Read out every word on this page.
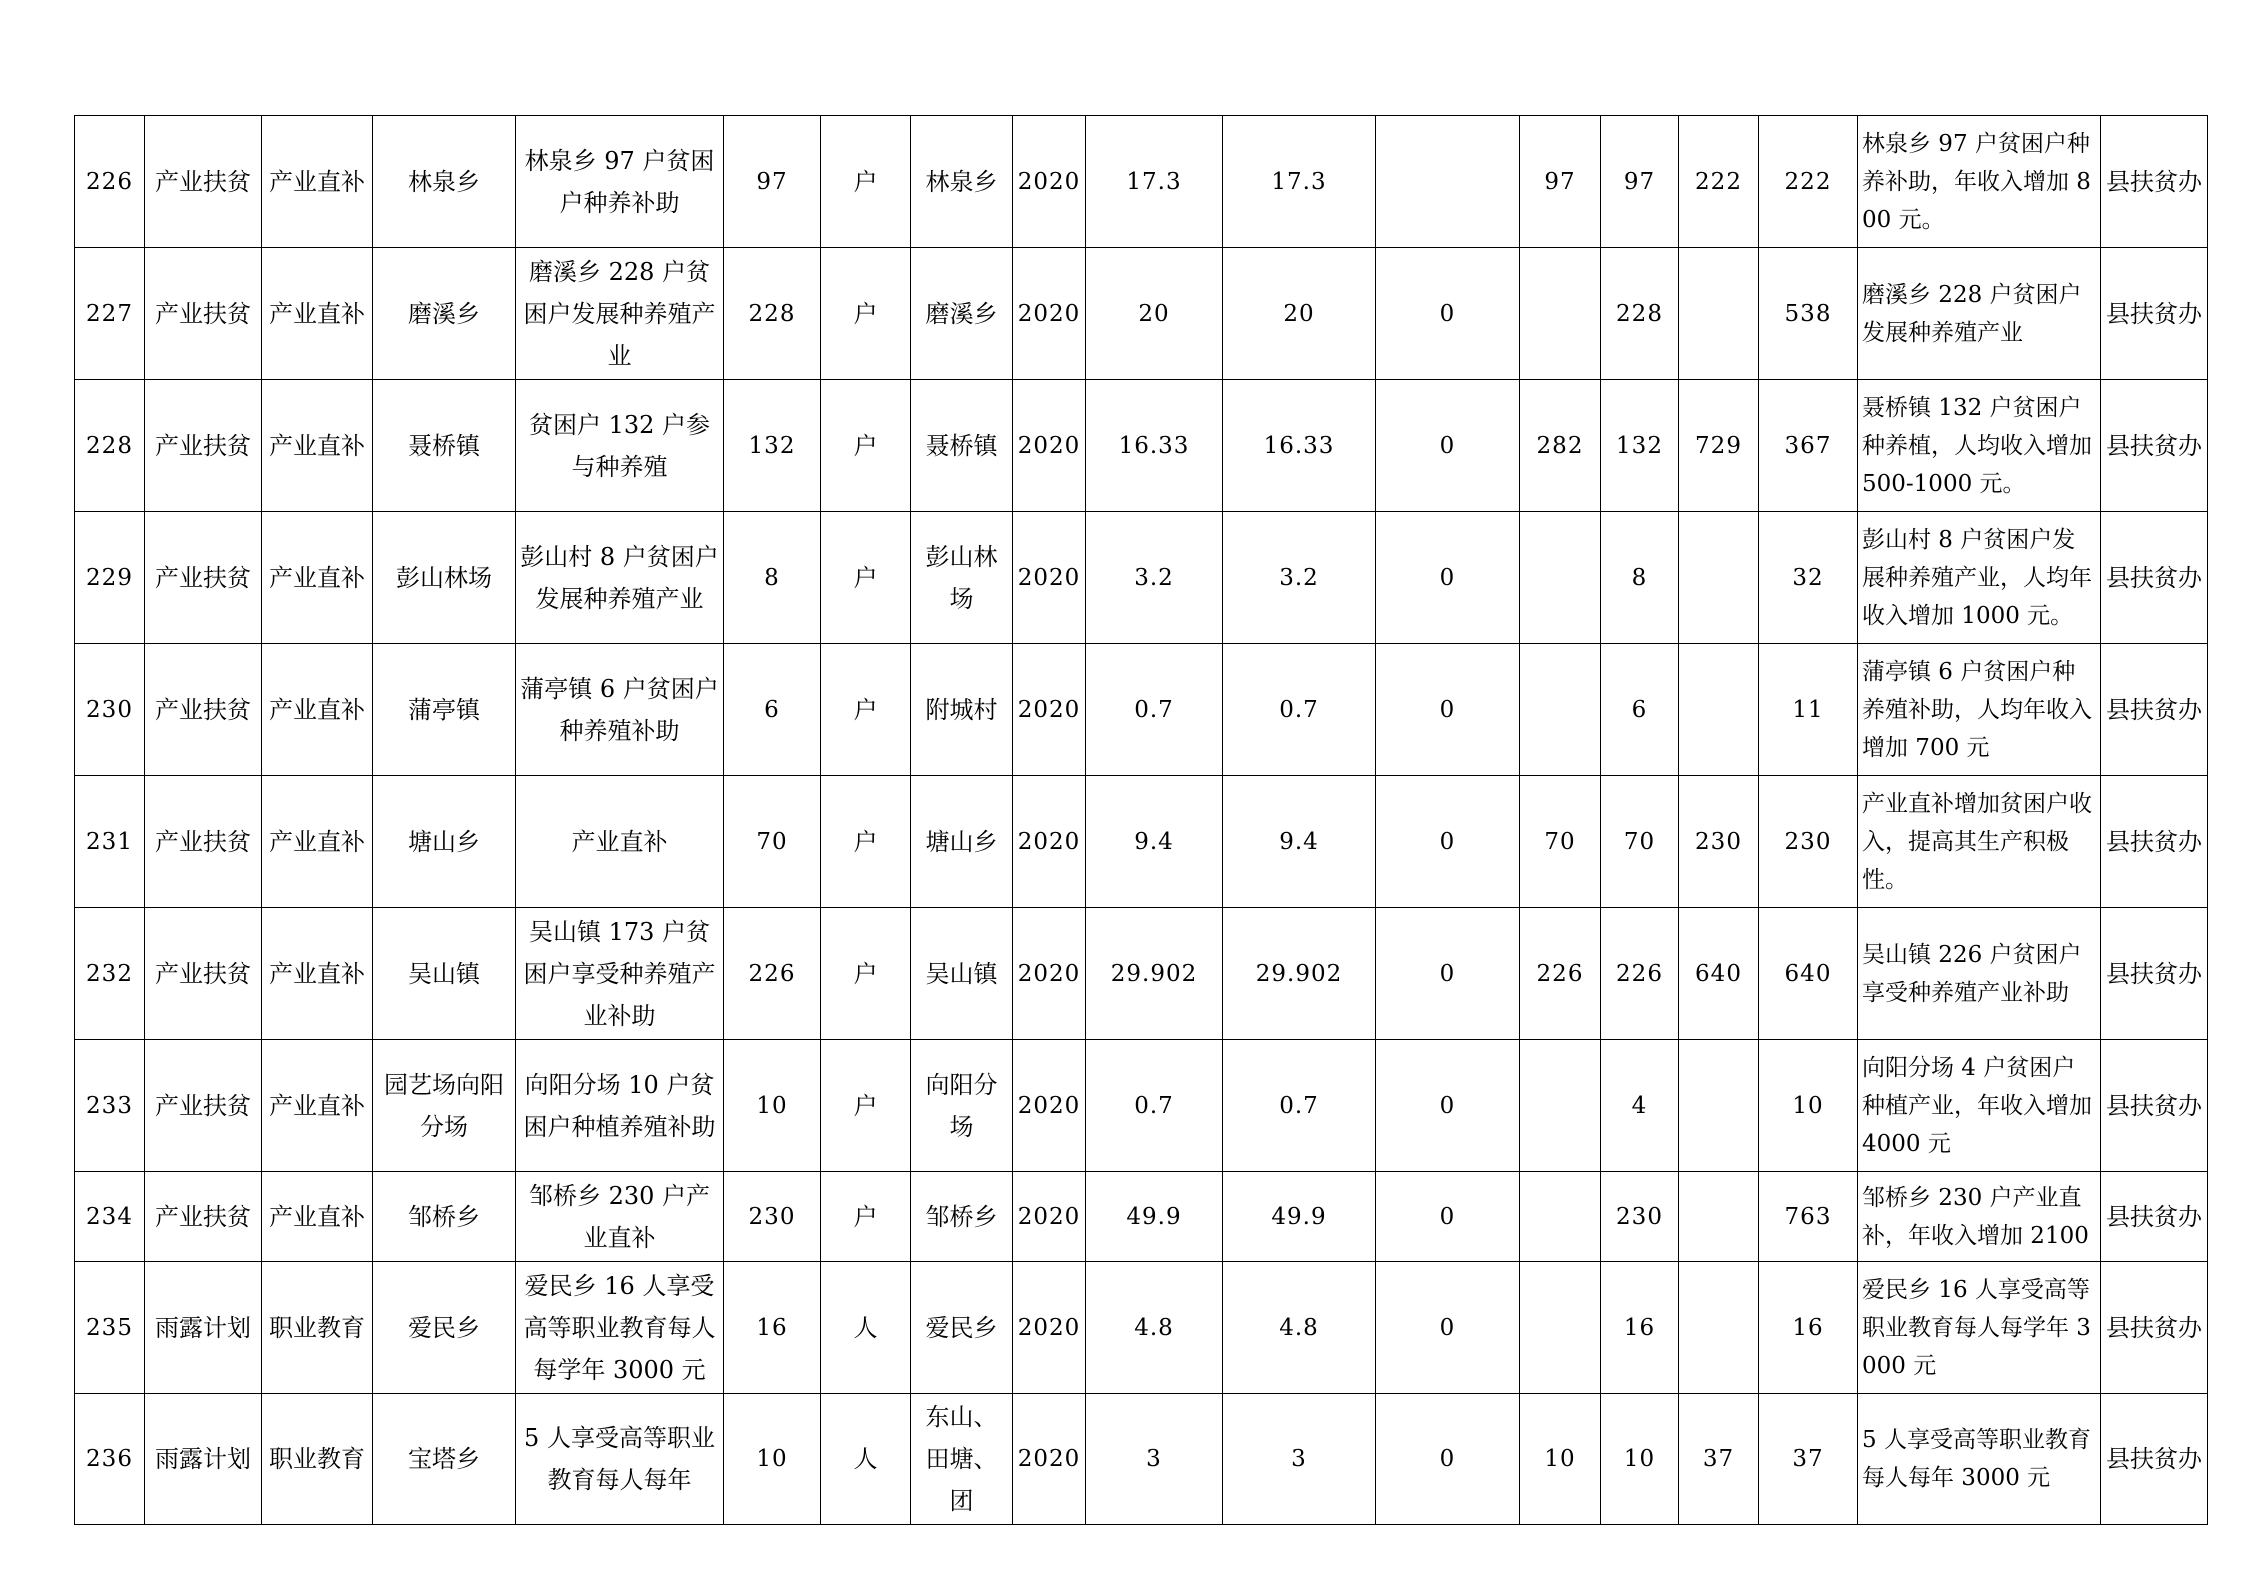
226	产业扶贫	产业直补	林泉乡	林泉乡 97 户贫困户种养补助	97	户	林泉乡	2020	17.3	17.3		97	97	222	222	林泉乡 97 户贫困户种养补助，年收入增加 800 元。	县扶贫办
227	产业扶贫	产业直补	磨溪乡	磨溪乡 228 户贫困户发展种养殖产业	228	户	磨溪乡	2020	20	20	0		228		538	磨溪乡 228 户贫困户发展种养殖产业	县扶贫办
228	产业扶贫	产业直补	聂桥镇	贫困户 132 户参与种养殖	132	户	聂桥镇	2020	16.33	16.33	0	282	132	729	367	聂桥镇 132 户贫困户种养植，人均收入增加 500-1000 元。	县扶贫办
229	产业扶贫	产业直补	彭山林场	彭山村 8 户贫困户发展种养殖产业	8	户	彭山林场	2020	3.2	3.2	0		8		32	彭山村 8 户贫困户发展种养殖产业，人均年收入增加 1000 元。	县扶贫办
230	产业扶贫	产业直补	蒲亭镇	蒲亭镇 6 户贫困户种养殖补助	6	户	附城村	2020	0.7	0.7	0		6		11	蒲亭镇 6 户贫困户种养殖补助，人均年收入增加 700 元	县扶贫办
231	产业扶贫	产业直补	塘山乡	产业直补	70	户	塘山乡	2020	9.4	9.4	0	70	70	230	230	产业直补增加贫困户收入，提高其生产积极性。	县扶贫办
232	产业扶贫	产业直补	吴山镇	吴山镇 173 户贫困户享受种养殖产业补助	226	户	吴山镇	2020	29.902	29.902	0	226	226	640	640	吴山镇 226 户贫困户享受种养殖产业补助	县扶贫办
233	产业扶贫	产业直补	园艺场向阳分场	向阳分场 10 户贫困户种植养殖补助	10	户	向阳分场	2020	0.7	0.7	0		4		10	向阳分场 4 户贫困户种植产业，年收入增加 4000 元	县扶贫办
234	产业扶贫	产业直补	邹桥乡	邹桥乡 230 户产业直补	230	户	邹桥乡	2020	49.9	49.9	0		230		763	邹桥乡 230 户产业直补，年收入增加 2100	县扶贫办
235	雨露计划	职业教育	爱民乡	爱民乡 16 人享受高等职业教育每人每学年 3000 元	16	人	爱民乡	2020	4.8	4.8	0		16		16	爱民乡 16 人享受高等职业教育每人每学年 3000 元	县扶贫办
236	雨露计划	职业教育	宝塔乡	5 人享受高等职业教育每人每年	10	人	东山、田塘、团	2020	3	3	0	10	10	37	37	5 人享受高等职业教育每人每年 3000 元	县扶贫办
